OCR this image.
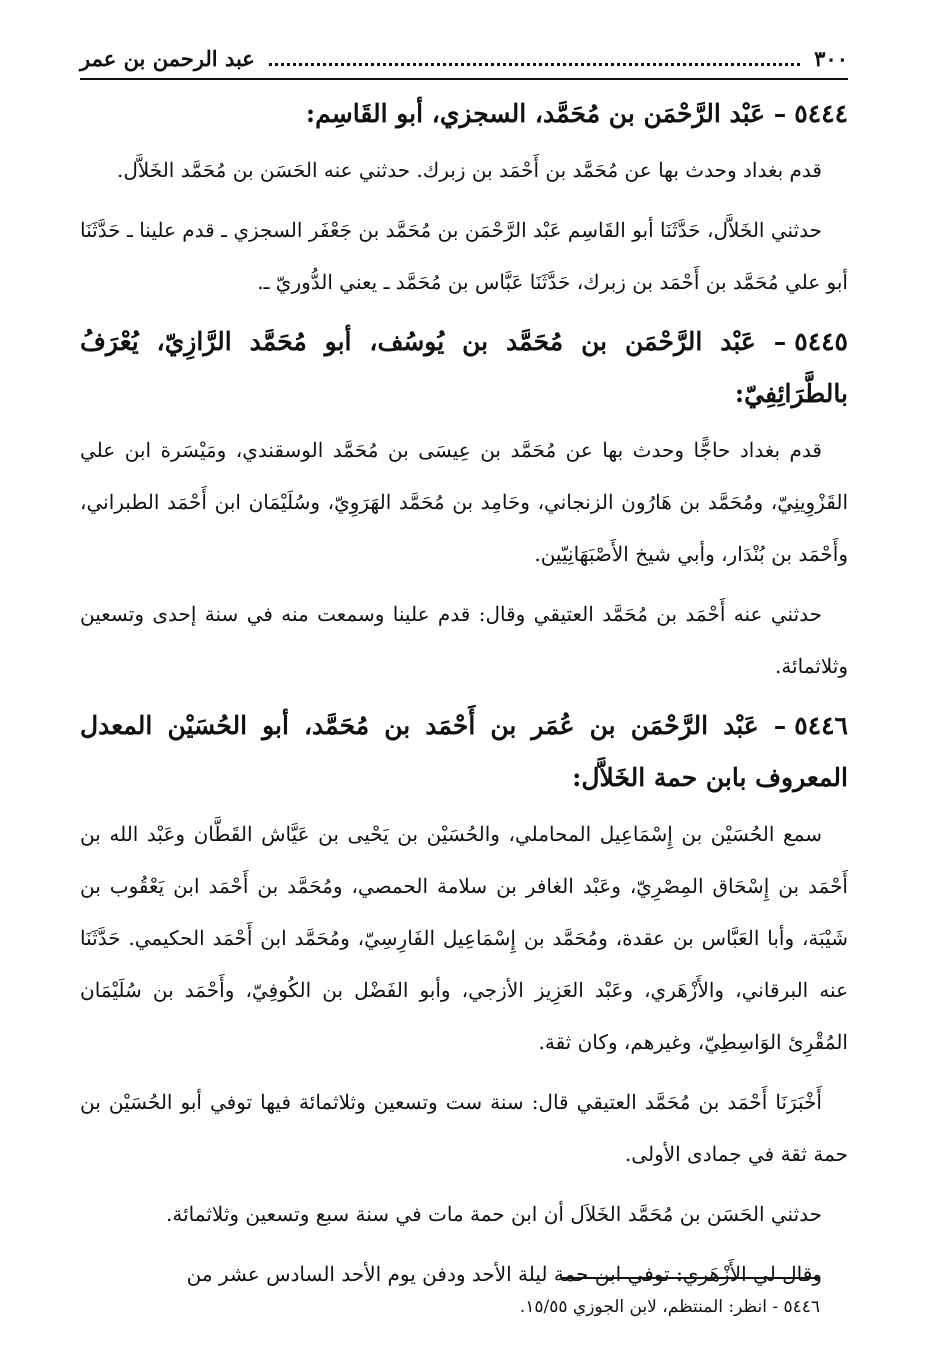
٣٠٠
عبد الرحمن بن عمر
٥٤٤٤– عَبْد الرَّحْمَن بن مُحَمَّد، السجزي، أبو القَاسِم:

قدم بغداد وحدث بها عن مُحَمَّد بن أَحْمَد بن زبرك. حدثني عنه الحَسَن بن مُحَمَّد الخَلاَّل.

حدثني الخَلاَّل، حَدَّثَنَا أبو القَاسِم عَبْد الرَّحْمَن بن مُحَمَّد بن جَعْفَر السجزي ـ قدم علينا ـ حَدَّثَنَا أبو علي مُحَمَّد بن أَحْمَد بن زبرك، حَدَّثَنَا عَبَّاس بن مُحَمَّد ـ يعني الدُّوريّ ـ.

٥٤٤٥– عَبْد الرَّحْمَن بن مُحَمَّد بن يُوسُف، أبو مُحَمَّد الرَّازِيّ، يُعْرَفُ بالطَّرَائِفِيّ:

قدم بغداد حاجًّا وحدث بها عن مُحَمَّد بن عِيسَى بن مُحَمَّد الوسقندي، ومَيْسَرة ابن علي القَزْوِينِيّ، ومُحَمَّد بن هَارُون الزنجاني، وحَامِد بن مُحَمَّد الهَرَوِيّ، وسُلَيْمَان ابن أَحْمَد الطبراني، وأَحْمَد بن بُنْدَار، وأبي شيخ الأَصْبَهَانِيّين.

حدثني عنه أَحْمَد بن مُحَمَّد العتيقي وقال: قدم علينا وسمعت منه في سنة إحدى وتسعين وثلاثمائة.

٥٤٤٦– عَبْد الرَّحْمَن بن عُمَر بن أَحْمَد بن مُحَمَّد، أبو الحُسَيْن المعدل المعروف بابن حمة الخَلاَّل:

سمع الحُسَيْن بن إِسْمَاعِيل المحاملي، والحُسَيْن بن يَحْيى بن عَيَّاش القَطَّان وعَبْد الله بن أَحْمَد بن إِسْحَاق المِصْرِيّ، وعَبْد الغافر بن سلامة الحمصي، ومُحَمَّد بن أَحْمَد ابن يَعْقُوب بن شَيْبَة، وأبا العَبَّاس بن عقدة، ومُحَمَّد بن إِسْمَاعِيل الفَارِسِيّ، ومُحَمَّد ابن أَحْمَد الحكيمي. حَدَّثَنَا عنه البرقاني، والأَزْهَري، وعَبْد العَزِيز الأزجي، وأبو الفَضْل بن الكُوفِيّ، وأَحْمَد بن سُلَيْمَان المُقْرِئ الوَاسِطِيّ، وغيرهم، وكان ثقة.

أَخْبَرَنَا أَحْمَد بن مُحَمَّد العتيقي قال: سنة ست وتسعين وثلاثمائة فيها توفي أبو الحُسَيْن بن حمة ثقة في جمادى الأولى.

حدثني الحَسَن بن مُحَمَّد الخَلاَل أن ابن حمة مات في سنة سبع وتسعين وثلاثمائة.

وقال لي الأَزْهَري: توفي ابن حمة ليلة الأحد ودفن يوم الأحد السادس عشر من

٥٤٤٦ - انظر: المنتظم، لابن الجوزي ١٥/٥٥.
